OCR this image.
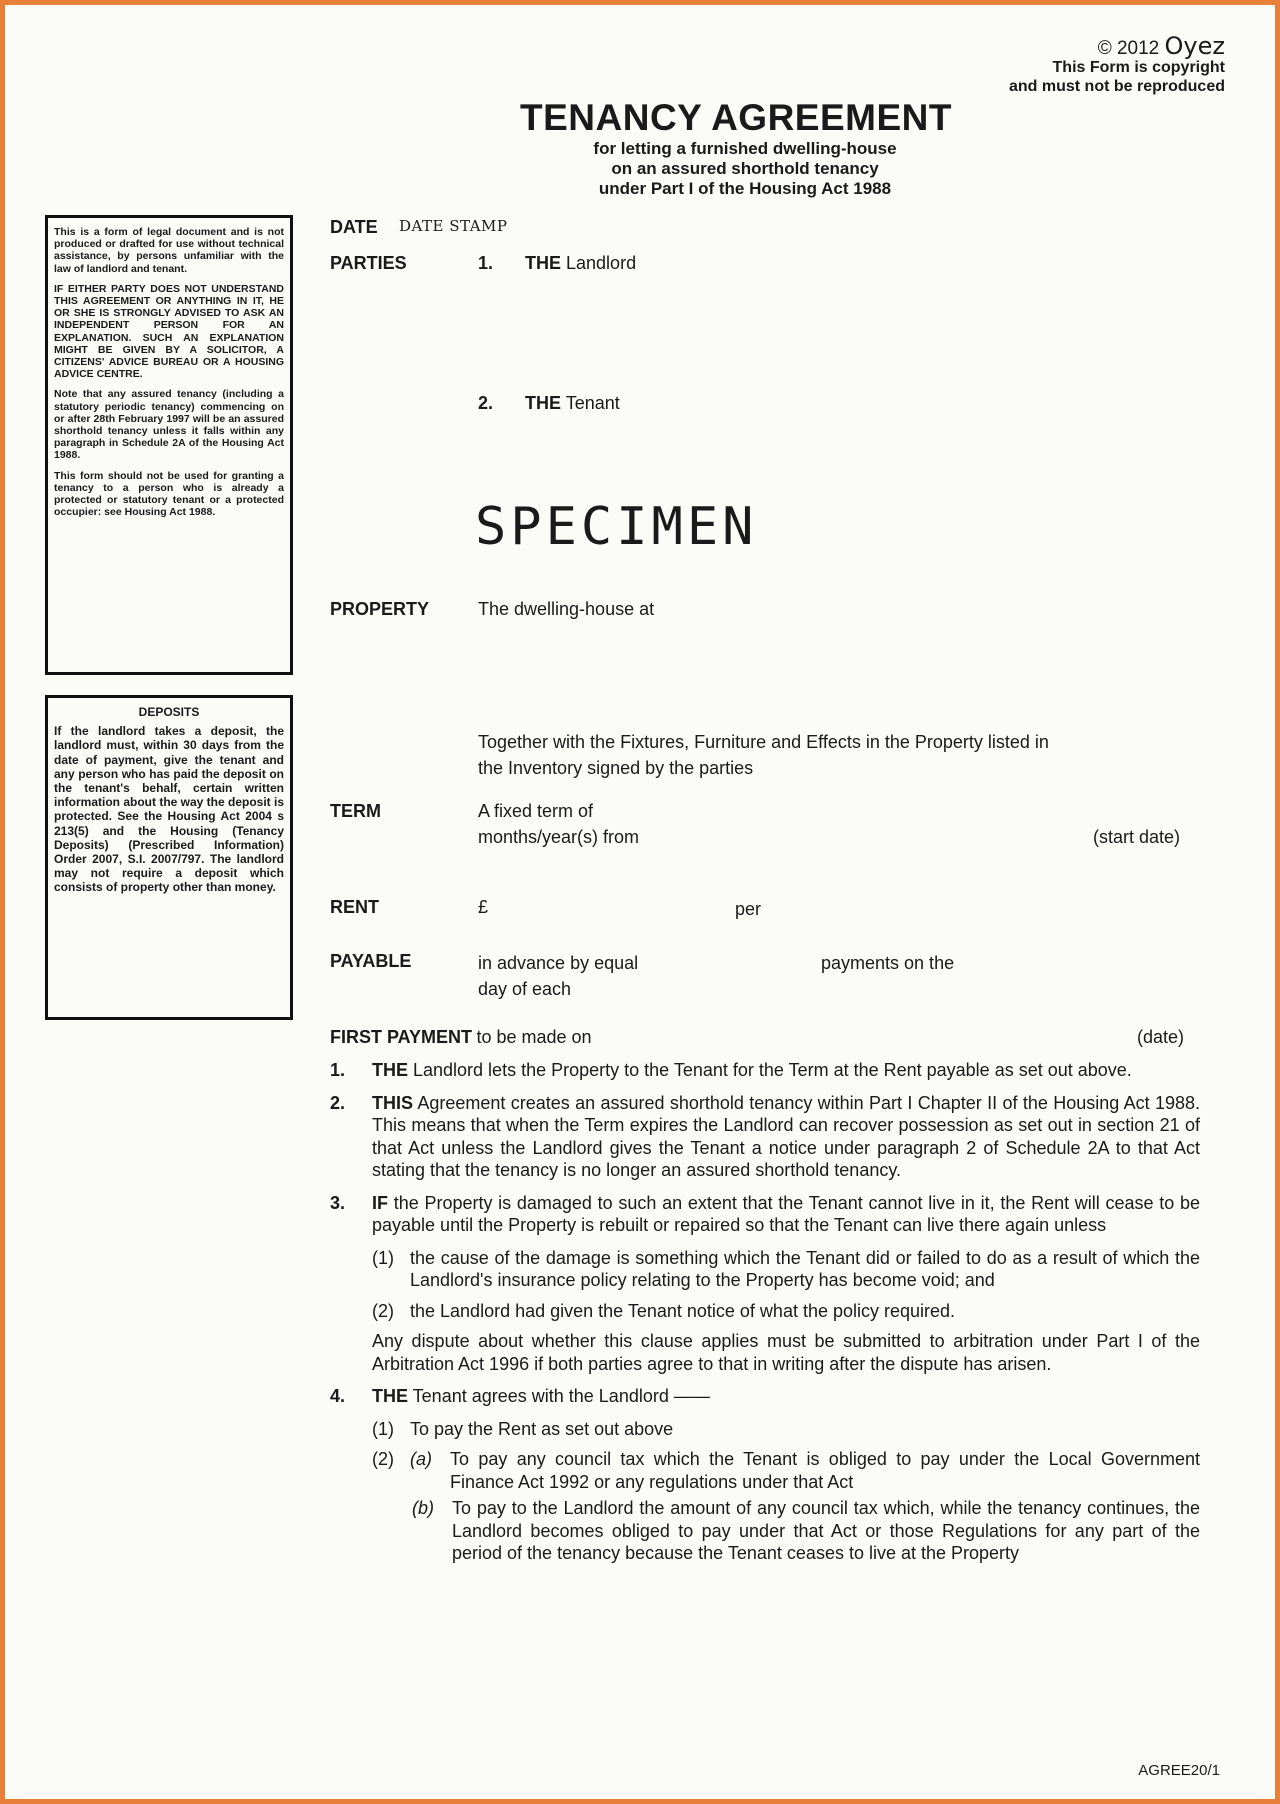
© 2012 Oyez
This Form is copyright
and must not be reproduced
TENANCY AGREEMENT
for letting a furnished dwelling-house
on an assured shorthold tenancy
under Part I of the Housing Act 1988

This is a form of legal document and is not produced or drafted for use without technical assistance, by persons unfamiliar with the law of landlord and tenant.

IF EITHER PARTY DOES NOT UNDERSTAND THIS AGREEMENT OR ANYTHING IN IT, HE OR SHE IS STRONGLY ADVISED TO ASK AN INDEPENDENT PERSON FOR AN EXPLANATION. SUCH AN EXPLANATION MIGHT BE GIVEN BY A SOLICITOR, A CITIZENS' ADVICE BUREAU OR A HOUSING ADVICE CENTRE.

Note that any assured tenancy (including a statutory periodic tenancy) commencing on or after 28th February 1997 will be an assured shorthold tenancy unless it falls within any paragraph in Schedule 2A of the Housing Act 1988.

This form should not be used for granting a tenancy to a person who is already a protected or statutory tenant or a protected occupier: see Housing Act 1988.

DEPOSITS

If the landlord takes a deposit, the landlord must, within 30 days from the date of payment, give the tenant and any person who has paid the deposit on the tenant's behalf, certain written information about the way the deposit is protected. See the Housing Act 2004 s 213(5) and the Housing (Tenancy Deposits) (Prescribed Information) Order 2007, S.I. 2007/797. The landlord may not require a deposit which consists of property other than money.

DATE DATE STAMP
PARTIES	1. THE Landlord
2. THE Tenant
SPECIMEN
PROPERTY	The dwelling-house at
Together with the Fixtures, Furniture and Effects in the Property listed in
the Inventory signed by the parties
TERM	A fixed term of
months/year(s) from	(start date)
RENT	£	per
PAYABLE	in advance by equal	payments on the
day of each
FIRST PAYMENT to be made on	(date)
1.	THE Landlord lets the Property to the Tenant for the Term at the Rent payable as set out above.
2.	THIS Agreement creates an assured shorthold tenancy within Part I Chapter II of the Housing Act 1988. This means that when the Term expires the Landlord can recover possession as set out in section 21 of that Act unless the Landlord gives the Tenant a notice under paragraph 2 of Schedule 2A to that Act stating that the tenancy is no longer an assured shorthold tenancy.
3.	IF the Property is damaged to such an extent that the Tenant cannot live in it, the Rent will cease to be payable until the Property is rebuilt or repaired so that the Tenant can live there again unless
(1) the cause of the damage is something which the Tenant did or failed to do as a result of which the Landlord's insurance policy relating to the Property has become void; and
(2) the Landlord had given the Tenant notice of what the policy required.
Any dispute about whether this clause applies must be submitted to arbitration under Part I of the Arbitration Act 1996 if both parties agree to that in writing after the dispute has arisen.
4.	THE Tenant agrees with the Landlord ——
(1) To pay the Rent as set out above
(2) (a)	To pay any council tax which the Tenant is obliged to pay under the Local Government Finance Act 1992 or any regulations under that Act
(b)	To pay to the Landlord the amount of any council tax which, while the tenancy continues, the Landlord becomes obliged to pay under that Act or those Regulations for any part of the period of the tenancy because the Tenant ceases to live at the Property
AGREE20/1
